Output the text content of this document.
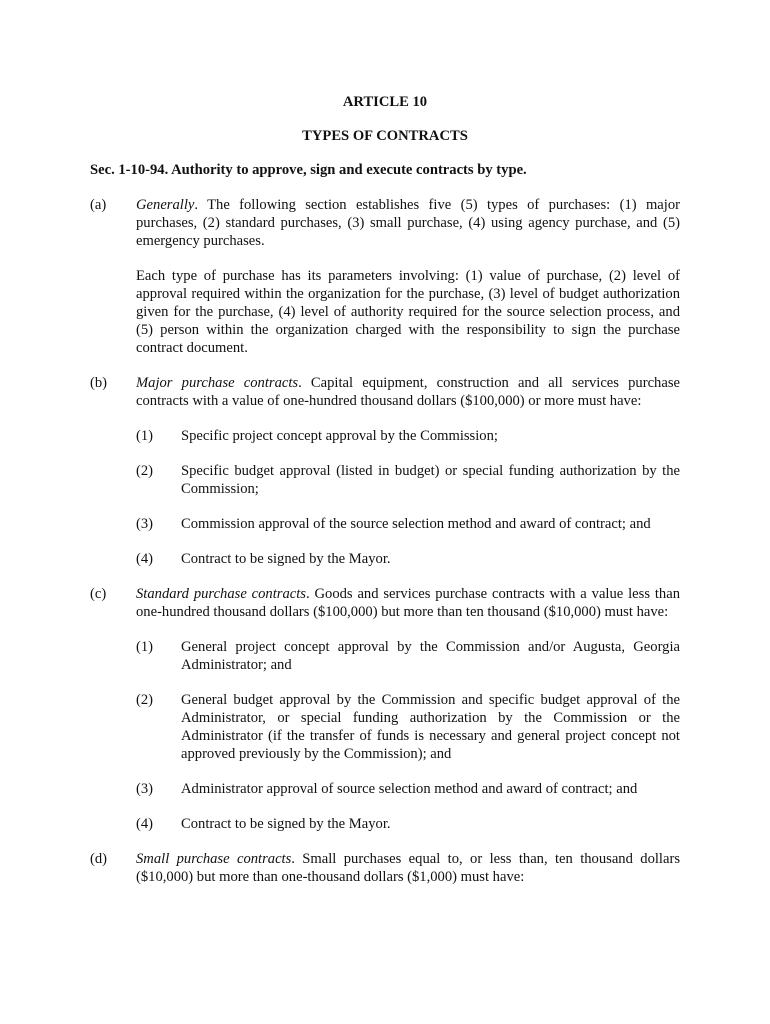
ARTICLE 10
TYPES OF CONTRACTS
Sec. 1-10-94. Authority to approve, sign and execute contracts by type.
(a)	Generally. The following section establishes five (5) types of purchases: (1) major purchases, (2) standard purchases, (3) small purchase, (4) using agency purchase, and (5) emergency purchases.

Each type of purchase has its parameters involving: (1) value of purchase, (2) level of approval required within the organization for the purchase, (3) level of budget authorization given for the purchase, (4) level of authority required for the source selection process, and (5) person within the organization charged with the responsibility to sign the purchase contract document.

(b)	Major purchase contracts. Capital equipment, construction and all services purchase contracts with a value of one-hundred thousand dollars ($100,000) or more must have:

(1)	Specific project concept approval by the Commission;
(2)	Specific budget approval (listed in budget) or special funding authorization by the Commission;
(3)	Commission approval of the source selection method and award of contract; and
(4)	Contract to be signed by the Mayor.
(c)	Standard purchase contracts. Goods and services purchase contracts with a value less than one-hundred thousand dollars ($100,000) but more than ten thousand ($10,000) must have:

(1)	General project concept approval by the Commission and/or Augusta, Georgia Administrator; and
(2)	General budget approval by the Commission and specific budget approval of the Administrator, or special funding authorization by the Commission or the Administrator (if the transfer of funds is necessary and general project concept not approved previously by the Commission); and
(3)	Administrator approval of source selection method and award of contract; and
(4)	Contract to be signed by the Mayor.
(d)	Small purchase contracts. Small purchases equal to, or less than, ten thousand dollars ($10,000) but more than one-thousand dollars ($1,000) must have:
